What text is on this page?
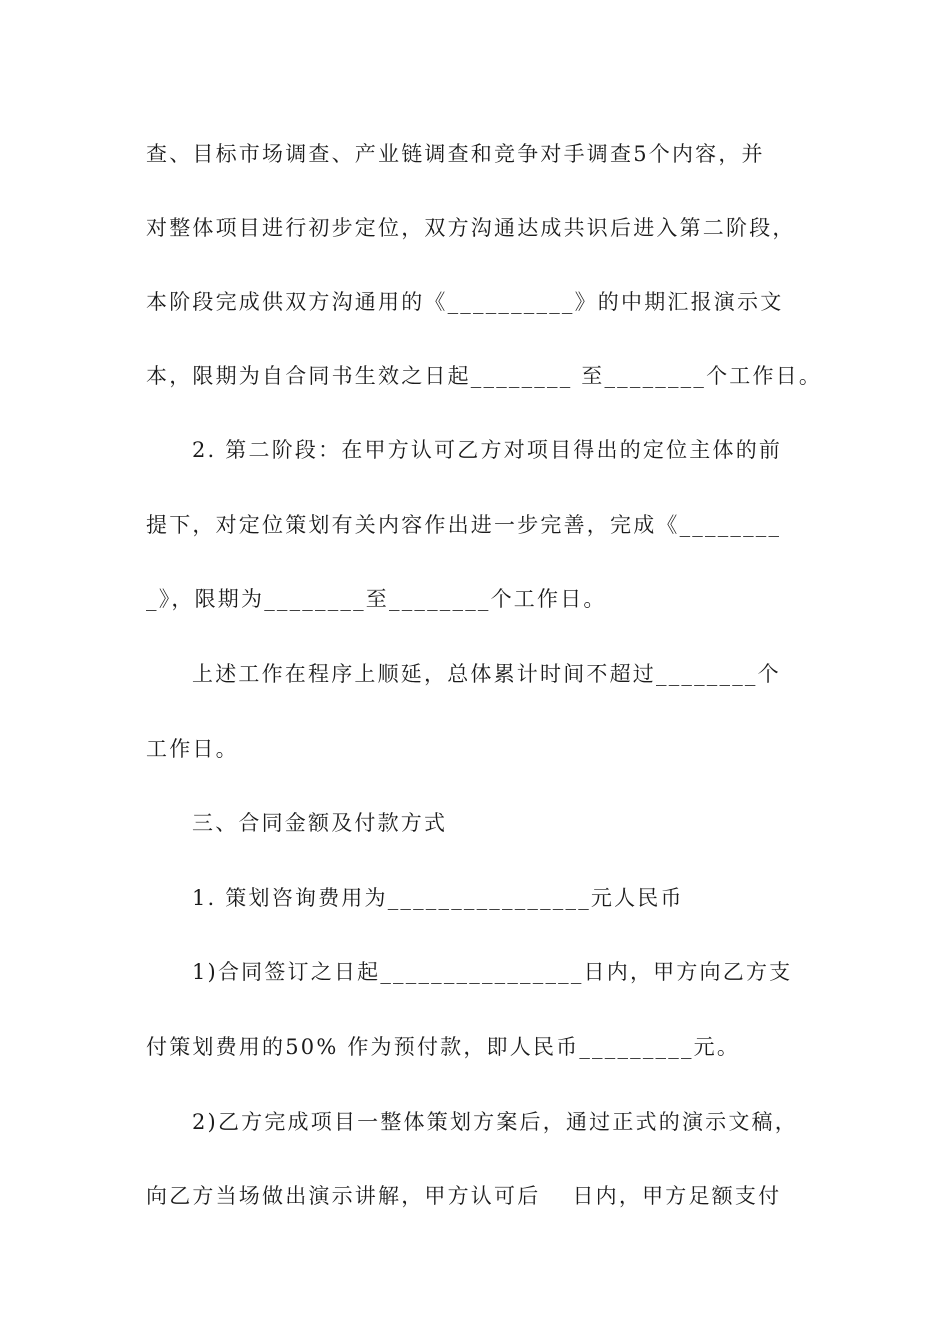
查、目标市场调查、产业链调查和竞争对手调查5个内容，并
对整体项目进行初步定位，双方沟通达成共识后进入第二阶段，
本阶段完成供双方沟通用的《__________》的中期汇报演示文
本，限期为自合同书生效之日起________ 至________个工作日。
2. 第二阶段：在甲方认可乙方对项目得出的定位主体的前
提下，对定位策划有关内容作出进一步完善，完成《________
_》，限期为________至________个工作日。
上述工作在程序上顺延，总体累计时间不超过________个
工作日。
三、合同金额及付款方式
1. 策划咨询费用为________________元人民币
1)合同签订之日起________________日内，甲方向乙方支
付策划费用的50% 作为预付款，即人民币_________元。
2)乙方完成项目一整体策划方案后，通过正式的演示文稿，
向乙方当场做出演示讲解，甲方认可后　 日内，甲方足额支付
